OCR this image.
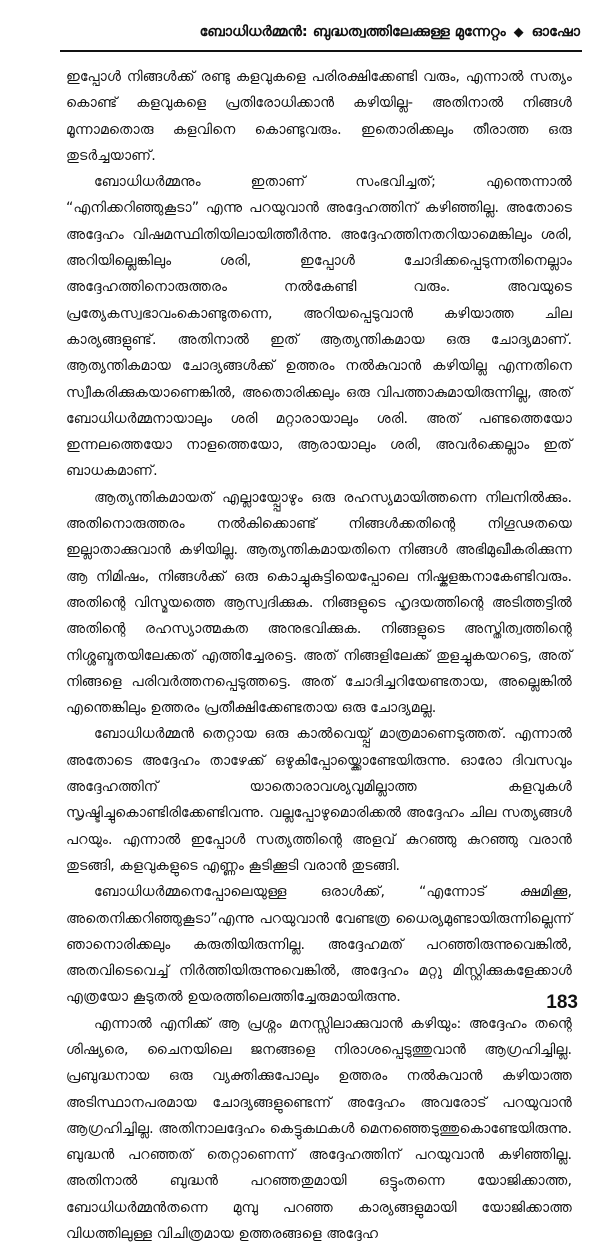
ബോധിധർമ്മൻ: ബുദ്ധത്വത്തിലേക്കുള്ള മുന്നേറ്റം ◆ ഓഷോ

ഇപ്പോൾ നിങ്ങൾക്ക് രണ്ടു കളവുകളെ പരിരക്ഷിക്കേണ്ടി വരും, എന്നാൽ സത്യം കൊണ്ട് കളവുകളെ പ്രതിരോധിക്കാൻ കഴിയില്ല- അതിനാൽ നിങ്ങൾ മൂന്നാമതൊരു കളവിനെ കൊണ്ടുവരും. ഇതൊരിക്കലും തീരാത്ത ഒരു തുടർച്ചയാണ്.

ബോധിധർമ്മനും ഇതാണ് സംഭവിച്ചത്; എന്തെന്നാൽ “എനിക്കറിഞ്ഞുകൂടാ” എന്നു പറയുവാൻ അദ്ദേഹത്തിന് കഴിഞ്ഞില്ല. അതോടെ അദ്ദേഹം വിഷമസ്ഥിതിയിലായിത്തീർന്നു. അദ്ദേഹത്തിനതറിയാമെങ്കിലും ശരി, അറിയില്ലെങ്കിലും ശരി, ഇപ്പോൾ ചോദിക്കപ്പെടുന്നതിനെല്ലാം അദ്ദേഹത്തിനൊരുത്തരം നൽകേണ്ടി വരും. അവയുടെ പ്രത്യേകസ്വഭാവംകൊണ്ടുതന്നെ, അറിയപ്പെടുവാൻ കഴിയാത്ത ചില കാര്യങ്ങളുണ്ട്. അതിനാൽ ഇത് ആത്യന്തികമായ ഒരു ചോദ്യമാണ്. ആത്യന്തികമായ ചോദ്യങ്ങൾക്ക് ഉത്തരം നൽകുവാൻ കഴിയില്ല എന്നതിനെ സ്വീകരിക്കുകയാണെങ്കിൽ, അതൊരിക്കലും ഒരു വിപത്താകുമായിരുന്നില്ല, അത് ബോധിധർമ്മനായാലും ശരി മറ്റാരായാലും ശരി. അത് പണ്ടത്തെയോ ഇന്നലത്തെയോ നാളത്തെയോ, ആരായാലും ശരി, അവർക്കെല്ലാം ഇത് ബാധകമാണ്.

ആത്യന്തികമായത് എല്ലായ്പ്പോഴും ഒരു രഹസ്യമായിത്തന്നെ നിലനിൽക്കും. അതിനൊരുത്തരം നൽകിക്കൊണ്ട് നിങ്ങൾക്കതിന്റെ നിഗൂഢതയെ ഇല്ലാതാക്കുവാൻ കഴിയില്ല. ആത്യന്തികമായതിനെ നിങ്ങൾ അഭിമുഖീകരിക്കുന്ന ആ നിമിഷം, നിങ്ങൾക്ക് ഒരു കൊച്ചുകുട്ടിയെപ്പോലെ നിഷ്കളങ്കനാകേണ്ടിവരും. അതിന്റെ വിസ്മയത്തെ ആസ്വദിക്കുക. നിങ്ങളുടെ ഹൃദയത്തിന്റെ അടിത്തട്ടിൽ അതിന്റെ രഹസ്യാത്മകത അനുഭവിക്കുക. നിങ്ങളുടെ അസ്തിത്വത്തിന്റെ നിശ്ശബ്ദതയിലേക്കത് എത്തിച്ചേരട്ടെ. അത് നിങ്ങളിലേക്ക് തുളച്ചുകയറട്ടെ, അത് നിങ്ങളെ പരിവർത്തനപ്പെടുത്തട്ടെ. അത് ചോദിച്ചറിയേണ്ടതായ, അല്ലെങ്കിൽ എന്തെങ്കിലും ഉത്തരം പ്രതീക്ഷിക്കേണ്ടതായ ഒരു ചോദ്യമല്ല.

ബോധിധർമ്മൻ തെറ്റായ ഒരു കാൽവെയ്പ്പ് മാത്രമാണെടുത്തത്. എന്നാൽ അതോടെ അദ്ദേഹം താഴേക്ക് ഒഴുകിപ്പോയ്ക്കൊണ്ടേയിരുന്നു. ഓരോ ദിവസവും അദ്ദേഹത്തിന് യാതൊരാവശ്യവുമില്ലാത്ത കളവുകൾ സൃഷ്ടിച്ചുകൊണ്ടിരിക്കേണ്ടിവന്നു. വല്ലപ്പോഴുമൊരിക്കൽ അദ്ദേഹം ചില സത്യങ്ങൾ പറയും. എന്നാൽ ഇപ്പോൾ സത്യത്തിന്റെ അളവ് കുറഞ്ഞു കുറഞ്ഞു വരാൻ തുടങ്ങി, കളവുകളുടെ എണ്ണം കൂടിക്കൂടി വരാൻ തുടങ്ങി.

ബോധിധർമ്മനെപ്പോലെയുള്ള ഒരാൾക്ക്, “എന്നോട് ക്ഷമിക്കൂ, അതെനിക്കറിഞ്ഞുകൂടാ”എന്നു പറയുവാൻ വേണ്ടത്ര ധൈര്യമുണ്ടായിരുന്നില്ലെന്ന് ഞാനൊരിക്കലും കരുതിയിരുന്നില്ല. അദ്ദേഹമത് പറഞ്ഞിരുന്നുവെങ്കിൽ, അതവിടെവെച്ച് നിർത്തിയിരുന്നുവെങ്കിൽ, അദ്ദേഹം മറ്റു മിസ്റ്റിക്കുകളേക്കാൾ എത്രയോ കൂടുതൽ ഉയരത്തിലെത്തിച്ചേരുമായിരുന്നു.

എന്നാൽ എനിക്ക് ആ പ്രശ്നം മനസ്സിലാക്കുവാൻ കഴിയും: അദ്ദേഹം തന്റെ ശിഷ്യരെ, ചൈനയിലെ ജനങ്ങളെ നിരാശപ്പെടുത്തുവാൻ ആഗ്രഹിച്ചില്ല. പ്രബുദ്ധനായ ഒരു വ്യക്തിക്കുപോലും ഉത്തരം നൽകുവാൻ കഴിയാത്ത അടിസ്ഥാനപരമായ ചോദ്യങ്ങളുണ്ടെന്ന് അദ്ദേഹം അവരോട് പറയുവാൻ ആഗ്രഹിച്ചില്ല. അതിനാലദ്ദേഹം കെട്ടുകഥകൾ മെനഞ്ഞെടുത്തുകൊണ്ടേയിരുന്നു. ബുദ്ധൻ പറഞ്ഞത് തെറ്റാണെന്ന് അദ്ദേഹത്തിന് പറയുവാൻ കഴിഞ്ഞില്ല. അതിനാൽ ബുദ്ധൻ പറഞ്ഞതുമായി ഒട്ടുംതന്നെ യോജിക്കാത്ത, ബോധിധർമ്മൻതന്നെ മുമ്പു പറഞ്ഞ കാര്യങ്ങളുമായി യോജിക്കാത്ത വിധത്തിലുള്ള വിചിത്രമായ ഉത്തരങ്ങളെ അദ്ദേഹ

183
